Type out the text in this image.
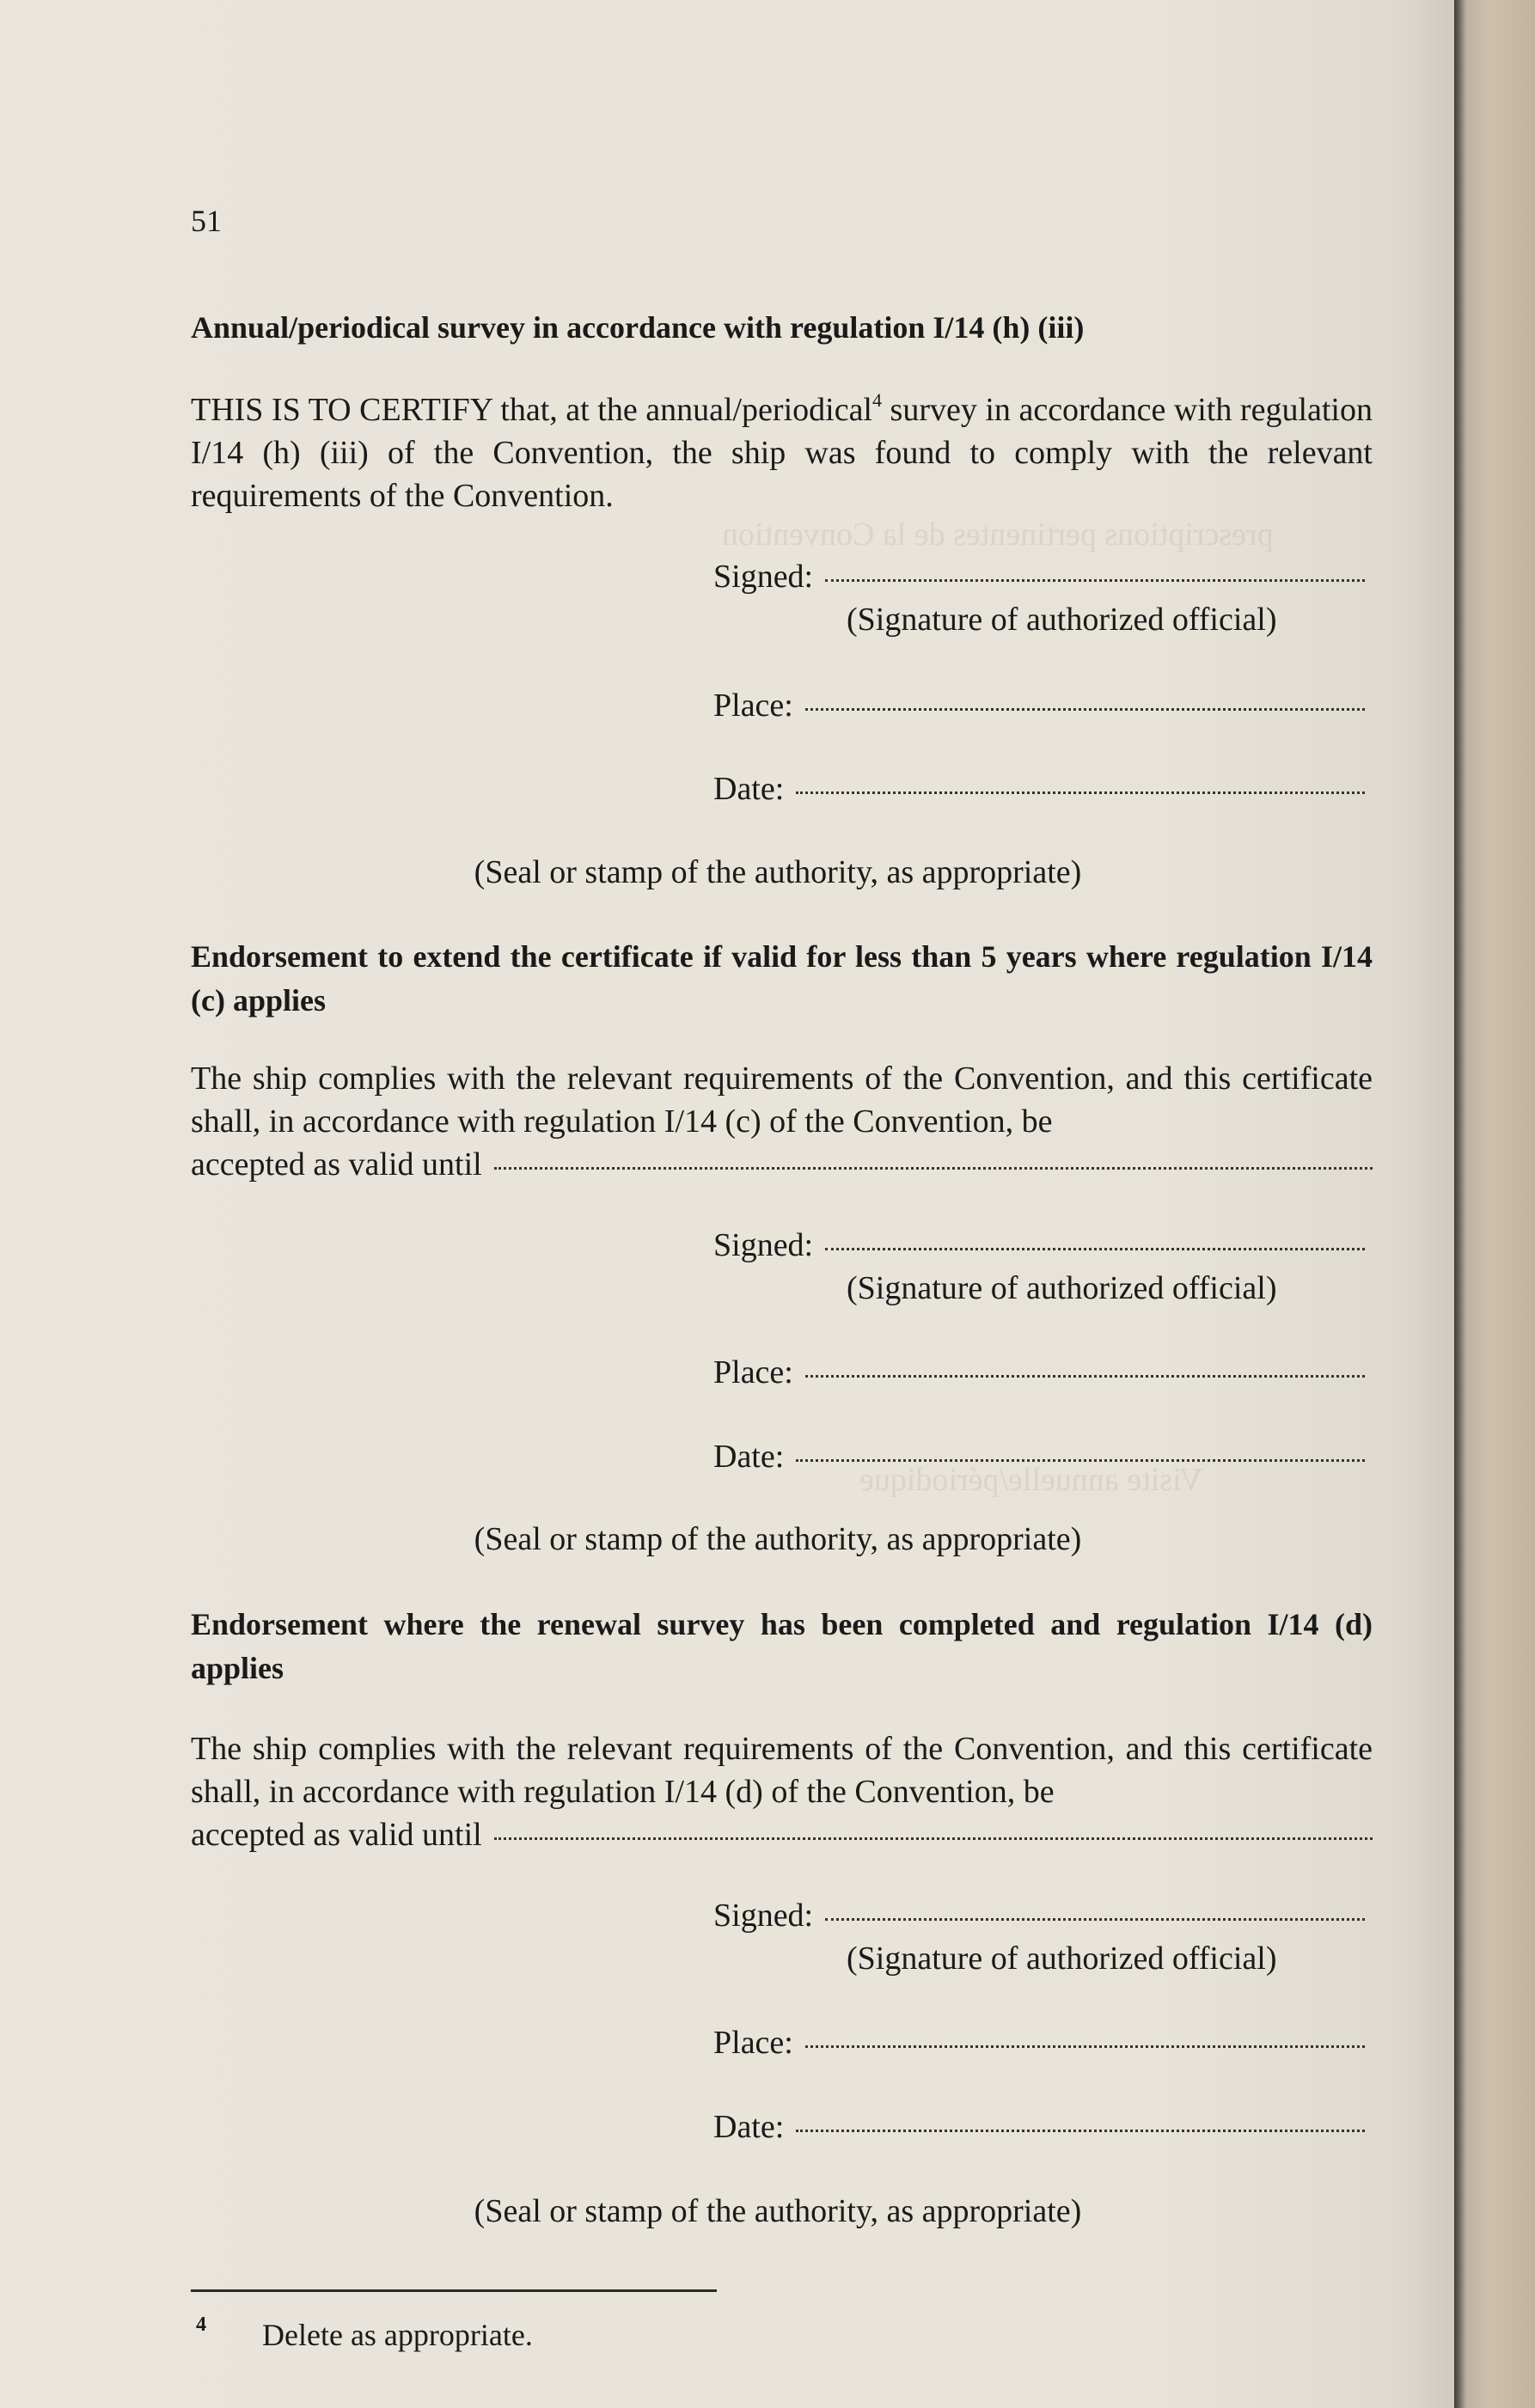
prescriptions pertinentes de la Convention
Visite annuelle/périodique
51
Annual/periodical survey in accordance with regulation I/14 (h) (iii)
THIS IS TO CERTIFY that, at the annual/periodical$^4$ survey in accordance with regulation I/14 (h) (iii) of the Convention, the ship was found to comply with the relevant requirements of the Convention.
Signed:
(Signature of authorized official)
Place:
Date:
(Seal or stamp of the authority, as appropriate)
Endorsement to extend the certificate if valid for less than 5 years where regulation I/14 (c) applies
The ship complies with the relevant requirements of the Convention, and this certificate shall, in accordance with regulation I/14 (c) of the Convention, be
accepted as valid until
Signed:
(Signature of authorized official)
Place:
Date:
(Seal or stamp of the authority, as appropriate)
Endorsement where the renewal survey has been completed and regulation I/14 (d) applies
The ship complies with the relevant requirements of the Convention, and this certificate shall, in accordance with regulation I/14 (d) of the Convention, be
accepted as valid until
Signed:
(Signature of authorized official)
Place:
Date:
(Seal or stamp of the authority, as appropriate)
4 Delete as appropriate.
